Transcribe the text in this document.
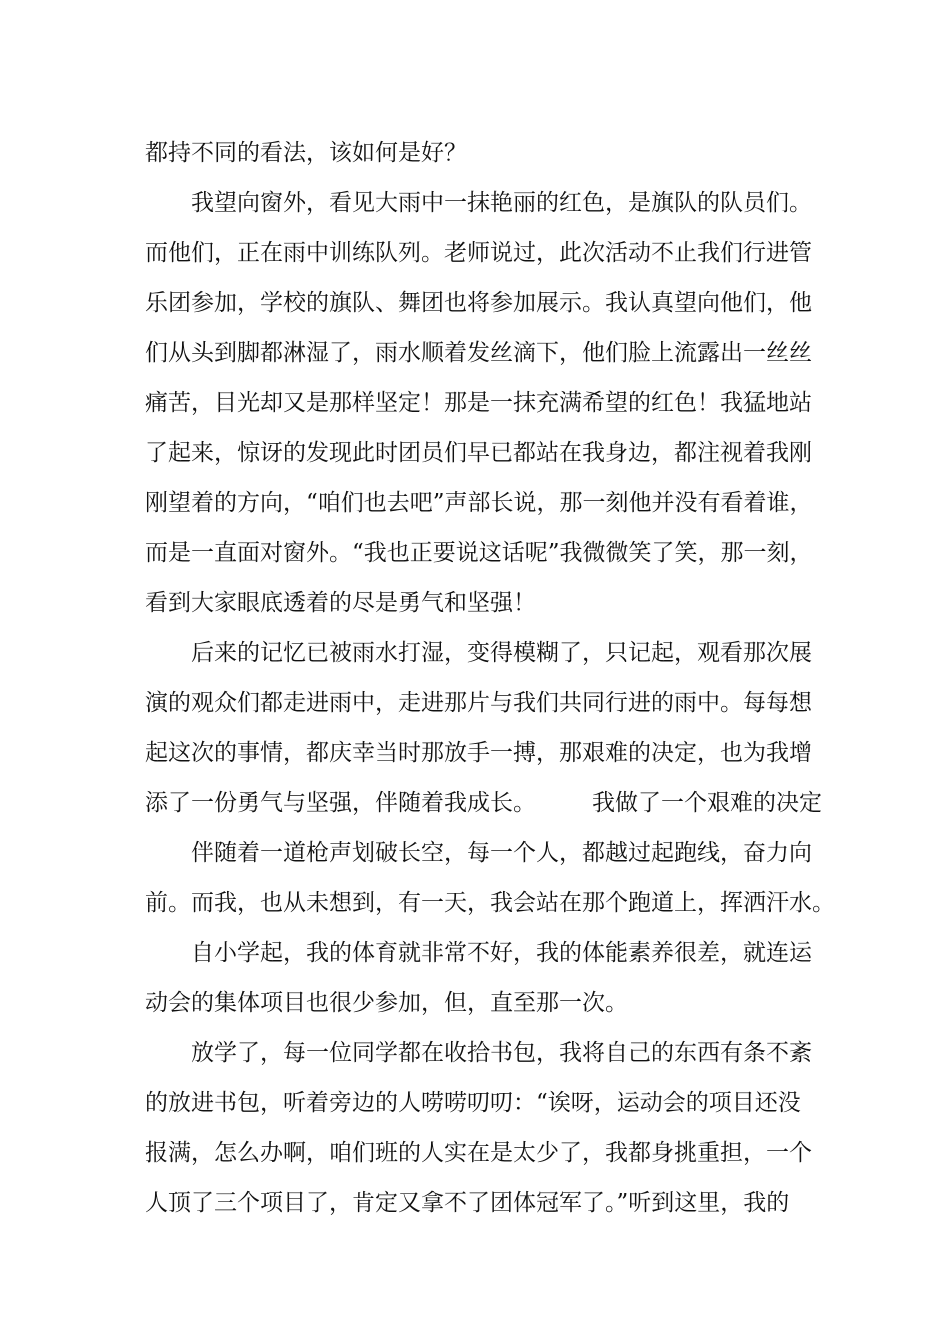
都持不同的看法，该如何是好？
我望向窗外，看见大雨中一抹艳丽的红色，是旗队的队员们。
而他们，正在雨中训练队列。老师说过，此次活动不止我们行进管
乐团参加，学校的旗队、舞团也将参加展示。我认真望向他们，他
们从头到脚都淋湿了，雨水顺着发丝滴下，他们脸上流露出一丝丝
痛苦，目光却又是那样坚定！那是一抹充满希望的红色！我猛地站
了起来，惊讶的发现此时团员们早已都站在我身边，都注视着我刚
刚望着的方向，“咱们也去吧”声部长说，那一刻他并没有看着谁，
而是一直面对窗外。“我也正要说这话呢”我微微笑了笑，那一刻，
看到大家眼底透着的尽是勇气和坚强！
后来的记忆已被雨水打湿，变得模糊了，只记起，观看那次展
演的观众们都走进雨中，走进那片与我们共同行进的雨中。每每想
起这次的事情，都庆幸当时那放手一搏，那艰难的决定，也为我增
添了一份勇气与坚强，伴随着我成长。 我做了一个艰难的决定
伴随着一道枪声划破长空，每一个人，都越过起跑线，奋力向
前。而我，也从未想到，有一天，我会站在那个跑道上，挥洒汗水。
自小学起，我的体育就非常不好，我的体能素养很差，就连运
动会的集体项目也很少参加，但，直至那一次。
放学了，每一位同学都在收拾书包，我将自己的东西有条不紊
的放进书包，听着旁边的人唠唠叨叨：“诶呀，运动会的项目还没
报满，怎么办啊，咱们班的人实在是太少了，我都身挑重担，一个
人顶了三个项目了，肯定又拿不了团体冠军了。”听到这里，我的
